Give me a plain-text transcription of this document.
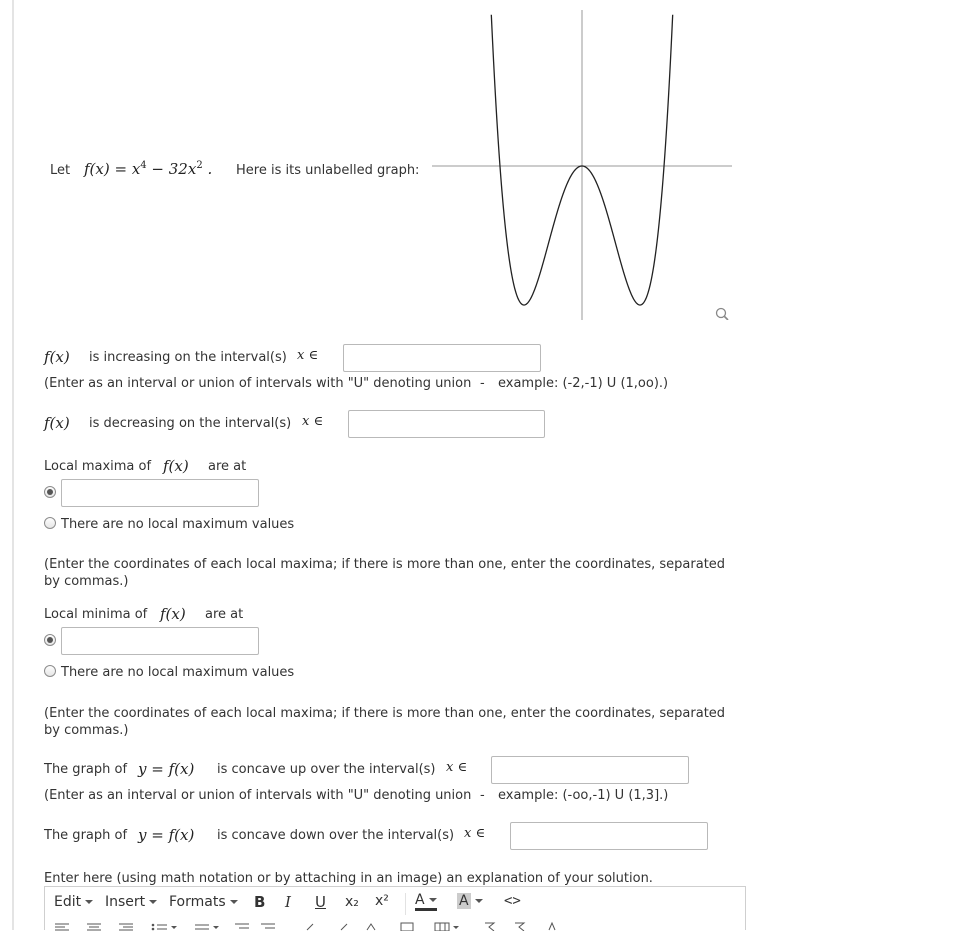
Let $f(x) = x^4 - 32x^2$ . Here is its unlabelled graph:
f(x) is increasing on the interval(s) x ∈
(Enter as an interval or union of intervals with "U" denoting union - example: (-2,-1) U (1,oo).)
f(x) is decreasing on the interval(s) x ∈
Local maxima of f(x) are at
There are no local maximum values
(Enter the coordinates of each local maxima; if there is more than one, enter the coordinates, separated by commas.)
Local minima of f(x) are at
There are no local maximum values
(Enter the coordinates of each local maxima; if there is more than one, enter the coordinates, separated by commas.)
The graph of y = f(x) is concave up over the interval(s) x ∈
(Enter as an interval or union of intervals with "U" denoting union - example: (-oo,-1) U (1,3].)
The graph of y = f(x) is concave down over the interval(s) x ∈
Enter here (using math notation or by attaching in an image) an explanation of your solution.
Edit	Insert	Formats	B I U x₂ x² A	A	<>
